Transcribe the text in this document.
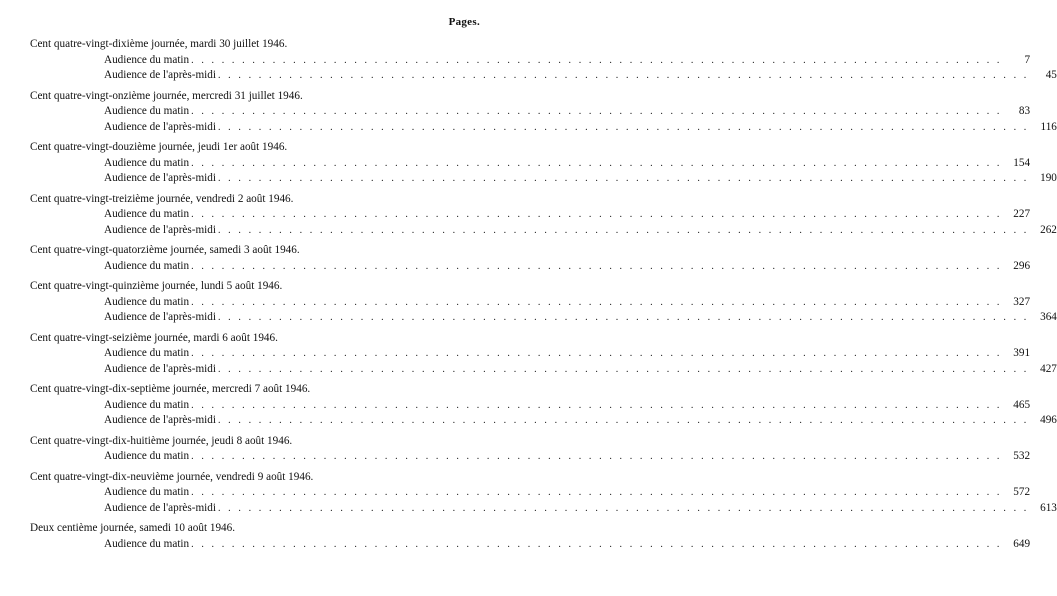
Pages.
Cent quatre-vingt-dixième journée, mardi 30 juillet 1946.
Audience du matin . . . . . . . . . . . . . . . . . . . . . . . . . . . . . . . . . . . . . . . . . . . . . . . . . . . . . . . . . . . . . . . . . . . . . . . . . . . . . . . .	7
Audience de l'après-midi . . . . . . . . . . . . . . . . . . . . . . . . . . . . . . . . . . . . . . . . . . . . . . . . . . . . . . . . . . . . . . . . . . . . . . . . . . . . . . . .	45
Cent quatre-vingt-onzième journée, mercredi 31 juillet 1946.
Audience du matin . . . . . . . . . . . . . . . . . . . . . . . . . . . . . . . . . . . . . . . . . . . . . . . . . . . . . . . . . . . . . . . . . . . . . . . . . . . . . . . .	83
Audience de l'après-midi . . . . . . . . . . . . . . . . . . . . . . . . . . . . . . . . . . . . . . . . . . . . . . . . . . . . . . . . . . . . . . . . . . . . . . . . . . . . . . . .	116
Cent quatre-vingt-douzième journée, jeudi 1er août 1946.
Audience du matin . . . . . . . . . . . . . . . . . . . . . . . . . . . . . . . . . . . . . . . . . . . . . . . . . . . . . . . . . . . . . . . . . . . . . . . . . . . . . . . .	154
Audience de l'après-midi . . . . . . . . . . . . . . . . . . . . . . . . . . . . . . . . . . . . . . . . . . . . . . . . . . . . . . . . . . . . . . . . . . . . . . . . . . . . . . . .	190
Cent quatre-vingt-treizième journée, vendredi 2 août 1946.
Audience du matin . . . . . . . . . . . . . . . . . . . . . . . . . . . . . . . . . . . . . . . . . . . . . . . . . . . . . . . . . . . . . . . . . . . . . . . . . . . . . . . .	227
Audience de l'après-midi . . . . . . . . . . . . . . . . . . . . . . . . . . . . . . . . . . . . . . . . . . . . . . . . . . . . . . . . . . . . . . . . . . . . . . . . . . . . . . . .	262
Cent quatre-vingt-quatorzième journée, samedi 3 août 1946.
Audience du matin . . . . . . . . . . . . . . . . . . . . . . . . . . . . . . . . . . . . . . . . . . . . . . . . . . . . . . . . . . . . . . . . . . . . . . . . . . . . . . . .	296
Cent quatre-vingt-quinzième journée, lundi 5 août 1946.
Audience du matin . . . . . . . . . . . . . . . . . . . . . . . . . . . . . . . . . . . . . . . . . . . . . . . . . . . . . . . . . . . . . . . . . . . . . . . . . . . . . . . .	327
Audience de l'après-midi . . . . . . . . . . . . . . . . . . . . . . . . . . . . . . . . . . . . . . . . . . . . . . . . . . . . . . . . . . . . . . . . . . . . . . . . . . . . . . . .	364
Cent quatre-vingt-seizième journée, mardi 6 août 1946.
Audience du matin . . . . . . . . . . . . . . . . . . . . . . . . . . . . . . . . . . . . . . . . . . . . . . . . . . . . . . . . . . . . . . . . . . . . . . . . . . . . . . . .	391
Audience de l'après-midi . . . . . . . . . . . . . . . . . . . . . . . . . . . . . . . . . . . . . . . . . . . . . . . . . . . . . . . . . . . . . . . . . . . . . . . . . . . . . . . .	427
Cent quatre-vingt-dix-septième journée, mercredi 7 août 1946.
Audience du matin . . . . . . . . . . . . . . . . . . . . . . . . . . . . . . . . . . . . . . . . . . . . . . . . . . . . . . . . . . . . . . . . . . . . . . . . . . . . . . . .	465
Audience de l'après-midi . . . . . . . . . . . . . . . . . . . . . . . . . . . . . . . . . . . . . . . . . . . . . . . . . . . . . . . . . . . . . . . . . . . . . . . . . . . . . . . .	496
Cent quatre-vingt-dix-huitième journée, jeudi 8 août 1946.
Audience du matin . . . . . . . . . . . . . . . . . . . . . . . . . . . . . . . . . . . . . . . . . . . . . . . . . . . . . . . . . . . . . . . . . . . . . . . . . . . . . . . .	532
Cent quatre-vingt-dix-neuvième journée, vendredi 9 août 1946.
Audience du matin . . . . . . . . . . . . . . . . . . . . . . . . . . . . . . . . . . . . . . . . . . . . . . . . . . . . . . . . . . . . . . . . . . . . . . . . . . . . . . . .	572
Audience de l'après-midi . . . . . . . . . . . . . . . . . . . . . . . . . . . . . . . . . . . . . . . . . . . . . . . . . . . . . . . . . . . . . . . . . . . . . . . . . . . . . . . .	613
Deux centième journée, samedi 10 août 1946.
Audience du matin . . . . . . . . . . . . . . . . . . . . . . . . . . . . . . . . . . . . . . . . . . . . . . . . . . . . . . . . . . . . . . . . . . . . . . . . . . . . . . . .	649
